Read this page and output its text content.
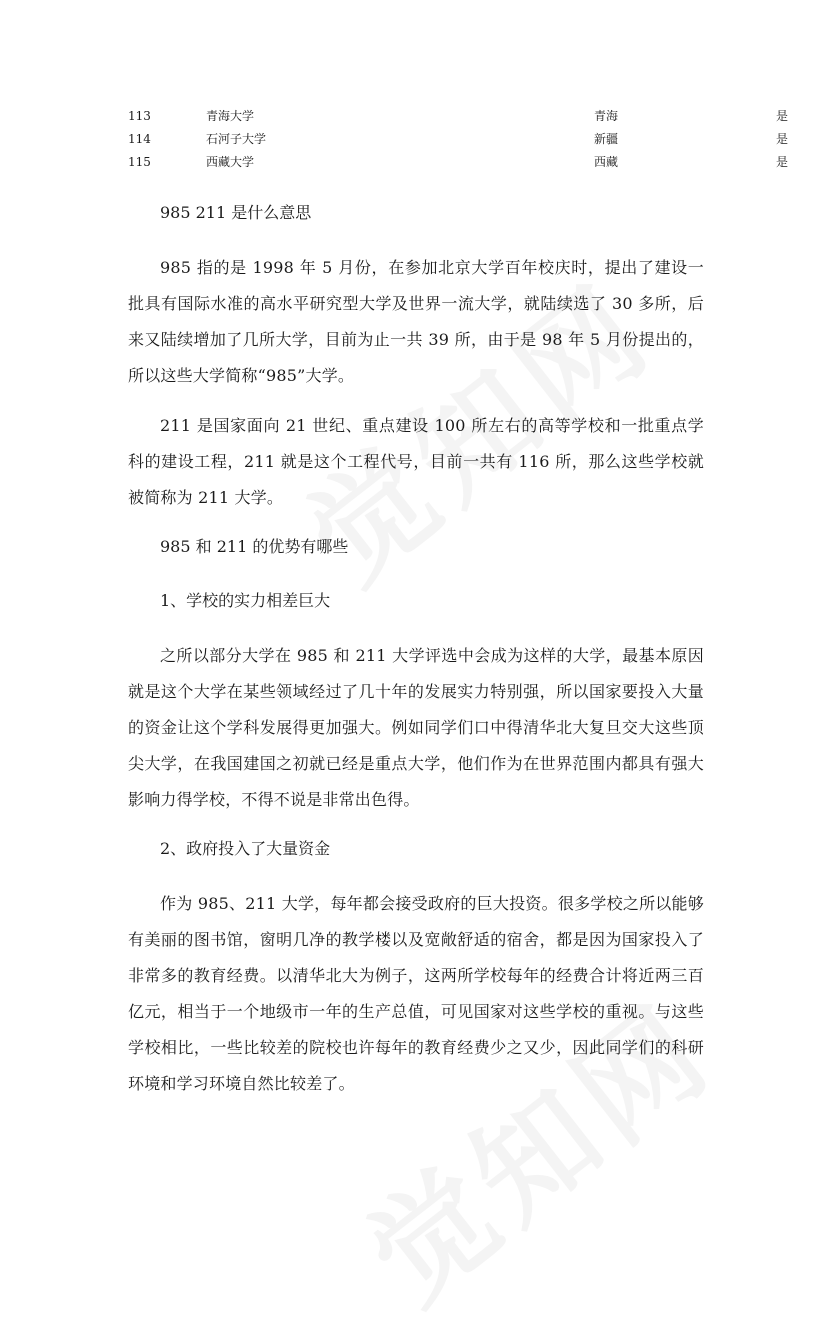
113	青海大学	青海	是
114	石河子大学	新疆	是
115	西藏大学	西藏	是

985 211 是什么意思

985 指的是 1998 年 5 月份，在参加北京大学百年校庆时，提出了建设一批具有国际水准的高水平研究型大学及世界一流大学，就陆续选了 30 多所，后来又陆续增加了几所大学，目前为止一共 39 所，由于是 98 年 5 月份提出的，所以这些大学简称“985”大学。

211 是国家面向 21 世纪、重点建设 100 所左右的高等学校和一批重点学科的建设工程，211 就是这个工程代号，目前一共有 116 所，那么这些学校就被简称为 211 大学。

985 和 211 的优势有哪些

1、学校的实力相差巨大

之所以部分大学在 985 和 211 大学评选中会成为这样的大学，最基本原因就是这个大学在某些领域经过了几十年的发展实力特别强，所以国家要投入大量的资金让这个学科发展得更加强大。例如同学们口中得清华北大复旦交大这些顶尖大学，在我国建国之初就已经是重点大学，他们作为在世界范围内都具有强大影响力得学校，不得不说是非常出色得。

2、政府投入了大量资金

作为 985、211 大学，每年都会接受政府的巨大投资。很多学校之所以能够有美丽的图书馆，窗明几净的教学楼以及宽敞舒适的宿舍，都是因为国家投入了非常多的教育经费。以清华北大为例子，这两所学校每年的经费合计将近两三百亿元，相当于一个地级市一年的生产总值，可见国家对这些学校的重视。与这些学校相比，一些比较差的院校也许每年的教育经费少之又少，因此同学们的科研环境和学习环境自然比较差了。
